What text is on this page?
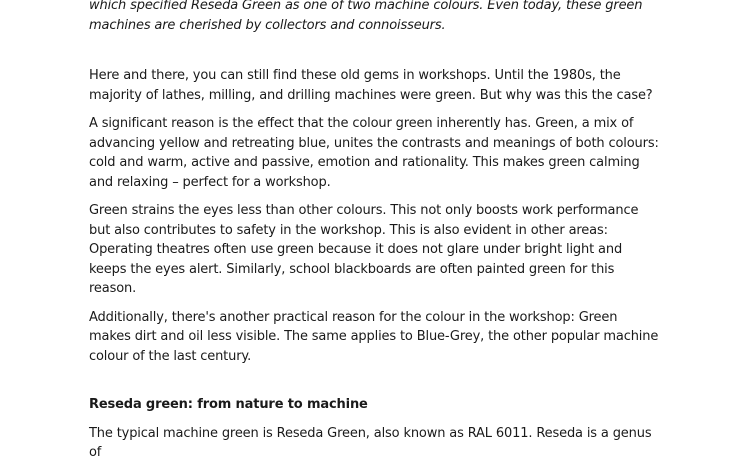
which specified Reseda Green as one of two machine colours. Even today, these green machines are cherished by collectors and connoisseurs.

Here and there, you can still find these old gems in workshops. Until the 1980s, the majority of lathes, milling, and drilling machines were green. But why was this the case?

A significant reason is the effect that the colour green inherently has. Green, a mix of advancing yellow and retreating blue, unites the contrasts and meanings of both colours: cold and warm, active and passive, emotion and rationality. This makes green calming and relaxing – perfect for a workshop.

Green strains the eyes less than other colours. This not only boosts work performance but also contributes to safety in the workshop. This is also evident in other areas: Operating theatres often use green because it does not glare under bright light and keeps the eyes alert. Similarly, school blackboards are often painted green for this reason.

Additionally, there's another practical reason for the colour in the workshop: Green makes dirt and oil less visible. The same applies to Blue-Grey, the other popular machine colour of the last century.

Reseda green: from nature to machine

The typical machine green is Reseda Green, also known as RAL 6011. Reseda is a genus of
